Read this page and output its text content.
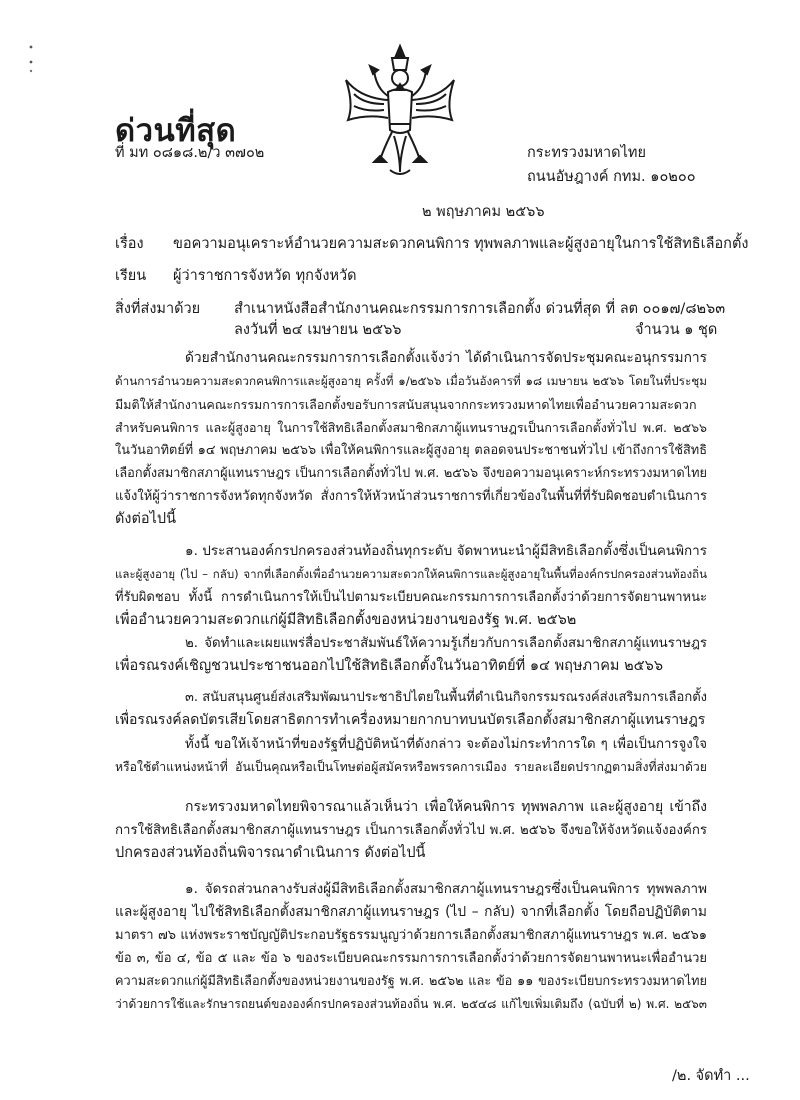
ด่วนที่สุด
ที่ มท ๐๘๑๘.๒/ว ๓๗๐๒	กระทรวงมหาดไทย
ถนนอัษฎางค์ กทม. ๑๐๒๐๐
๒ พฤษภาคม ๒๕๖๖
เรื่อง ขอความอนุเคราะห์อำนวยความสะดวกคนพิการ ทุพพลภาพและผู้สูงอายุในการใช้สิทธิเลือกตั้ง
เรียน ผู้ว่าราชการจังหวัด ทุกจังหวัด
สิ่งที่ส่งมาด้วย สำเนาหนังสือสำนักงานคณะกรรมการการเลือกตั้ง ด่วนที่สุด ที่ ลต ๐๐๑๗/๘๒๖๓
ลงวันที่ ๒๔ เมษายน ๒๕๖๖	จำนวน ๑ ชุด
ด้วยสำนักงานคณะกรรมการการเลือกตั้งแจ้งว่า ได้ดำเนินการจัดประชุมคณะอนุกรรมการ
ด้านการอำนวยความสะดวกคนพิการและผู้สูงอายุ ครั้งที่ ๑/๒๕๖๖ เมื่อวันอังคารที่ ๑๘ เมษายน ๒๕๖๖ โดยในที่ประชุม
มีมติให้สำนักงานคณะกรรมการการเลือกตั้งขอรับการสนับสนุนจากกระทรวงมหาดไทยเพื่ออำนวยความสะดวก
สำหรับคนพิการ และผู้สูงอายุ ในการใช้สิทธิเลือกตั้งสมาชิกสภาผู้แทนราษฎรเป็นการเลือกตั้งทั่วไป พ.ศ. ๒๕๖๖
ในวันอาทิตย์ที่ ๑๔ พฤษภาคม ๒๕๖๖ เพื่อให้คนพิการและผู้สูงอายุ ตลอดจนประชาชนทั่วไป เข้าถึงการใช้สิทธิ
เลือกตั้งสมาชิกสภาผู้แทนราษฎร เป็นการเลือกตั้งทั่วไป พ.ศ. ๒๕๖๖ จึงขอความอนุเคราะห์กระทรวงมหาดไทย
แจ้งให้ผู้ว่าราชการจังหวัดทุกจังหวัด สั่งการให้หัวหน้าส่วนราชการที่เกี่ยวข้องในพื้นที่ที่รับผิดชอบดำเนินการ
ดังต่อไปนี้
๑. ประสานองค์กรปกครองส่วนท้องถิ่นทุกระดับ จัดพาหนะนำผู้มีสิทธิเลือกตั้งซึ่งเป็นคนพิการ
และผู้สูงอายุ (ไป – กลับ) จากที่เลือกตั้งเพื่ออำนวยความสะดวกให้คนพิการและผู้สูงอายุในพื้นที่องค์กรปกครองส่วนท้องถิ่น
ที่รับผิดชอบ ทั้งนี้ การดำเนินการให้เป็นไปตามระเบียบคณะกรรมการการเลือกตั้งว่าด้วยการจัดยานพาหนะ
เพื่ออำนวยความสะดวกแก่ผู้มีสิทธิเลือกตั้งของหน่วยงานของรัฐ พ.ศ. ๒๕๖๒
๒. จัดทำและเผยแพร่สื่อประชาสัมพันธ์ให้ความรู้เกี่ยวกับการเลือกตั้งสมาชิกสภาผู้แทนราษฎร
เพื่อรณรงค์เชิญชวนประชาชนออกไปใช้สิทธิเลือกตั้งในวันอาทิตย์ที่ ๑๔ พฤษภาคม ๒๕๖๖
๓. สนับสนุนศูนย์ส่งเสริมพัฒนาประชาธิปไตยในพื้นที่ดำเนินกิจกรรมรณรงค์ส่งเสริมการเลือกตั้ง
เพื่อรณรงค์ลดบัตรเสียโดยสาธิตการทำเครื่องหมายกากบาทบนบัตรเลือกตั้งสมาชิกสภาผู้แทนราษฎร
ทั้งนี้ ขอให้เจ้าหน้าที่ของรัฐที่ปฏิบัติหน้าที่ดังกล่าว จะต้องไม่กระทำการใด ๆ เพื่อเป็นการจูงใจ
หรือใช้ตำแหน่งหน้าที่ อันเป็นคุณหรือเป็นโทษต่อผู้สมัครหรือพรรคการเมือง รายละเอียดปรากฏตามสิ่งที่ส่งมาด้วย
กระทรวงมหาดไทยพิจารณาแล้วเห็นว่า เพื่อให้คนพิการ ทุพพลภาพ และผู้สูงอายุ เข้าถึง
การใช้สิทธิเลือกตั้งสมาชิกสภาผู้แทนราษฎร เป็นการเลือกตั้งทั่วไป พ.ศ. ๒๕๖๖ จึงขอให้จังหวัดแจ้งองค์กร
ปกครองส่วนท้องถิ่นพิจารณาดำเนินการ ดังต่อไปนี้
๑. จัดรถส่วนกลางรับส่งผู้มีสิทธิเลือกตั้งสมาชิกสภาผู้แทนราษฎรซึ่งเป็นคนพิการ ทุพพลภาพ
และผู้สูงอายุ ไปใช้สิทธิเลือกตั้งสมาชิกสภาผู้แทนราษฎร (ไป – กลับ) จากที่เลือกตั้ง โดยถือปฏิบัติตาม
มาตรา ๗๖ แห่งพระราชบัญญัติประกอบรัฐธรรมนูญว่าด้วยการเลือกตั้งสมาชิกสภาผู้แทนราษฎร พ.ศ. ๒๕๖๑
ข้อ ๓, ข้อ ๔, ข้อ ๕ และ ข้อ ๖ ของระเบียบคณะกรรมการการเลือกตั้งว่าด้วยการจัดยานพาหนะเพื่ออำนวย
ความสะดวกแก่ผู้มีสิทธิเลือกตั้งของหน่วยงานของรัฐ พ.ศ. ๒๕๖๒ และ ข้อ ๑๑ ของระเบียบกระทรวงมหาดไทย
ว่าด้วยการใช้และรักษารถยนต์ขององค์กรปกครองส่วนท้องถิ่น พ.ศ. ๒๕๔๘ แก้ไขเพิ่มเติมถึง (ฉบับที่ ๒) พ.ศ. ๒๕๖๓
/๒. จัดทำ ...
